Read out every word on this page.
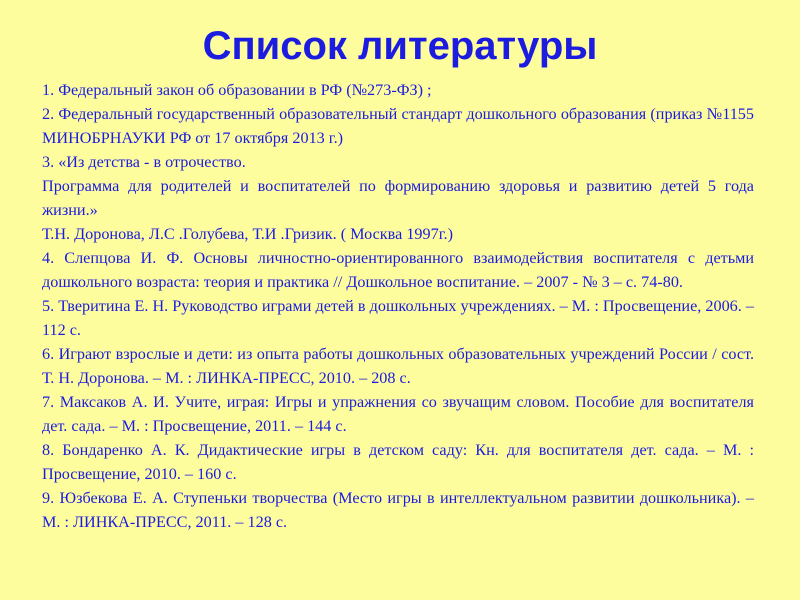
Список литературы

1. Федеральный закон об образовании в РФ (№273-ФЗ) ;

2. Федеральный государственный образовательный стандарт дошкольного образования (приказ №1155 МИНОБРНАУКИ РФ от 17 октября 2013 г.)

3. «Из детства - в отрочество.

Программа для родителей и воспитателей по формированию здоровья и развитию детей 5 года жизни.»

Т.Н. Доронова, Л.С .Голубева, Т.И .Гризик. ( Москва 1997г.)

4. Слепцова И. Ф. Основы личностно-ориентированного взаимодействия воспитателя с детьми дошкольного возраста: теория и практика // Дошкольное воспитание. – 2007 - № 3 – с. 74-80.

5. Тверитина Е. Н. Руководство играми детей в дошкольных учреждениях. – М. : Просвещение, 2006. – 112 с.

6. Играют взрослые и дети: из опыта работы дошкольных образовательных учреждений России / сост. Т. Н. Доронова. – М. : ЛИНКА-ПРЕСС, 2010. – 208 с.

7. Максаков А. И. Учите, играя: Игры и упражнения со звучащим словом. Пособие для воспитателя дет. сада. – М. : Просвещение, 2011. – 144 с.

8. Бондаренко А. К. Дидактические игры в детском саду: Кн. для воспитателя дет. сада. – М. : Просвещение, 2010. – 160 с.

9. Юзбекова Е. А. Ступеньки творчества (Место игры в интеллектуальном развитии дошкольника). – М. : ЛИНКА-ПРЕСС, 2011. – 128 с.
